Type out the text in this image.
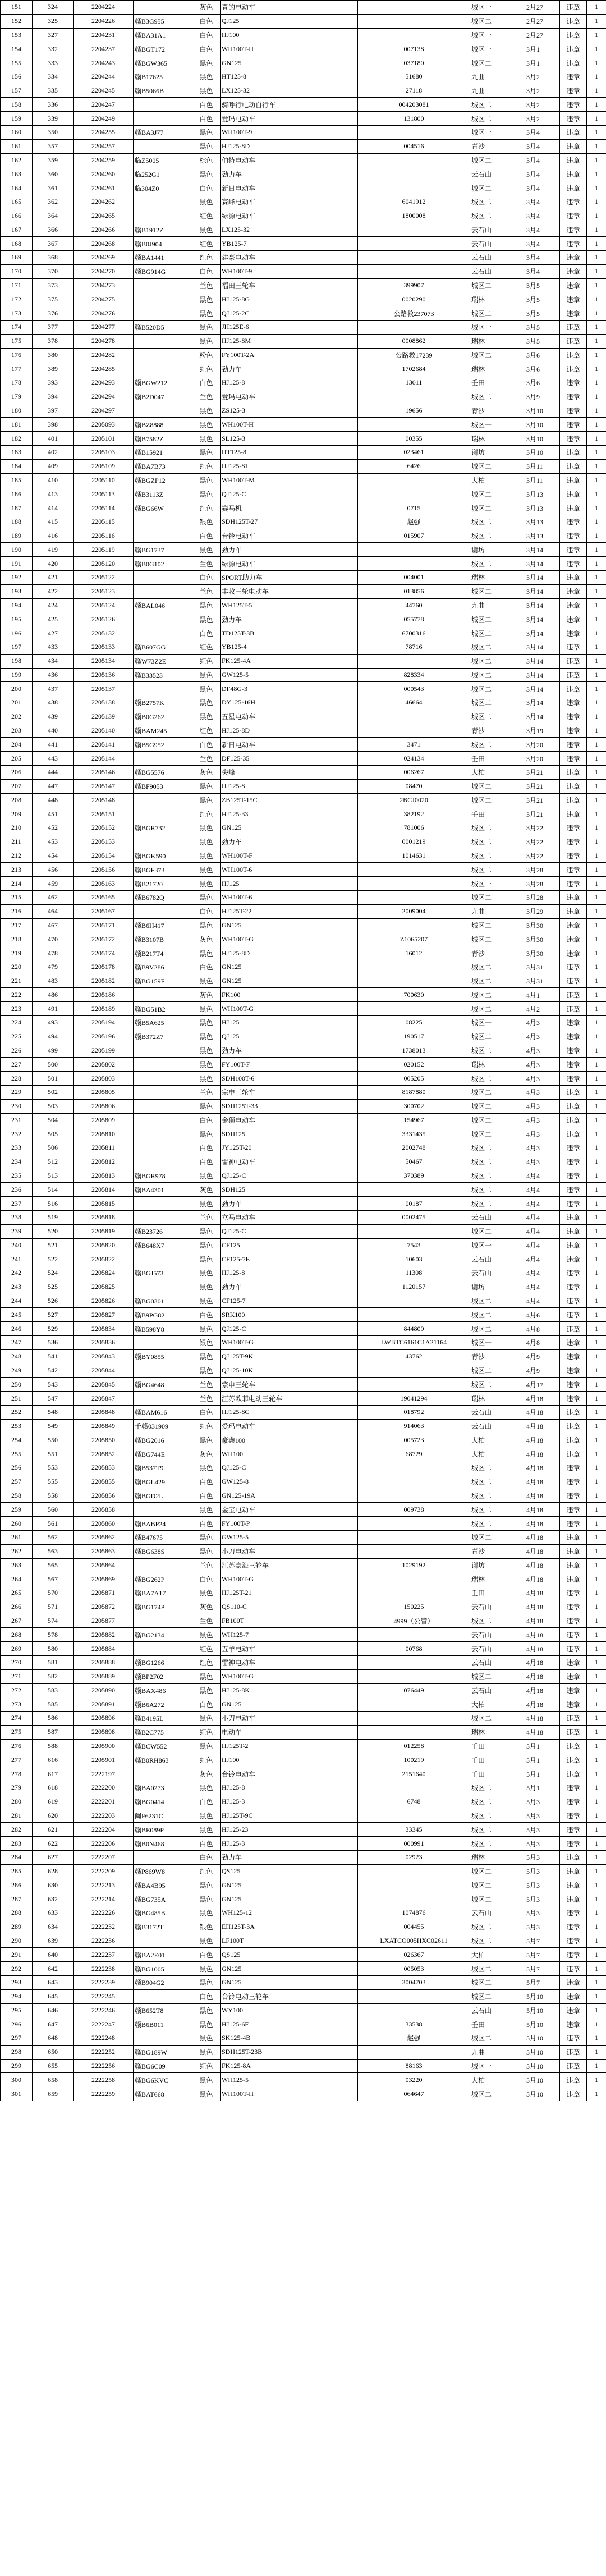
151	324	2204224		灰色	青的电动车		城区一	2月27	违章	1
152	325	2204226	赣B3G955	白色	QJ125		城区二	2月27	违章	1
153	327	2204231	赣BA31A1	白色	HJ100		城区一	2月27	违章	1
154	332	2204237	赣BGT172	白色	WH100T-H	007138	城区一	3月1	违章	1
155	333	2204243	赣BGW365	黑色	GN125	037180	城区二	3月1	违章	1
156	334	2204244	赣B17625	黑色	HT125-8	51680	九曲	3月2	违章	1
157	335	2204245	赣B5066B	黑色	LX125-32	27118	九曲	3月2	违章	1
158	336	2204247		白色	骑呼行电动自行车	004203081	城区二	3月2	违章	1
159	339	2204249		白色	爱玛电动车	131800	城区二	3月2	违章	1
160	350	2204255	赣BA3J77	黑色	WH100T-9		城区一	3月4	违章	1
161	357	2204257		黑色	HJ125-8D	004516	青沙	3月4	违章	1
162	359	2204259	临Z5005	棕色	伯特电动车		城区二	3月4	违章	1
163	360	2204260	临252G1	黑色	劲力车		云石山	3月4	违章	1
164	361	2204261	临304Z0	白色	新日电动车		城区二	3月4	违章	1
165	362	2204262		黑色	赛峰电动车	6041912	城区二	3月4	违章	1
166	364	2204265		红色	绿源电动车	1800008	城区二	3月4	违章	1
167	366	2204266	赣B1912Z	黑色	LX125-32		云石山	3月4	违章	1
168	367	2204268	赣B0J904	红色	YB125-7		云石山	3月4	违章	1
169	368	2204269	赣BA1441	红色	建豪电动车		云石山	3月4	违章	1
170	370	2204270	赣BG914G	白色	WH100T-9		云石山	3月4	违章	1
171	373	2204273		兰色	福田三轮车	399907	城区二	3月5	违章	1
172	375	2204275		黑色	HJ125-8G	0020290	瑞林	3月5	违章	1
173	376	2204276		黑色	QJ125-2C	公路救237073	城区二	3月5	违章	1
174	377	2204277	赣B520D5	黑色	JH125E-6		城区一	3月5	违章	1
175	378	2204278		黑色	HJ125-8M	0008862	瑞林	3月5	违章	1
176	380	2204282		粉色	FY100T-2A	公路救17239	城区二	3月6	违章	1
177	389	2204285		红色	劲力车	1702684	瑞林	3月6	违章	1
178	393	2204293	赣BGW212	白色	HJ125-8	13011	壬田	3月6	违章	1
179	394	2204294	赣B2D047	兰色	爱玛电动车		城区二	3月9	违章	1
180	397	2204297		黑色	ZS125-3	19656	青沙	3月10	违章	1
181	398	2205093	赣BZ8888	黑色	WH100T-H		城区一	3月10	违章	1
182	401	2205101	赣B7582Z	黑色	SL125-3	00355	瑞林	3月10	违章	1
183	402	2205103	赣B15921	黑色	HT125-8	023461	谢坊	3月10	违章	1
184	409	2205109	赣BA7B73	红色	HJ125-8T	6426	城区二	3月11	违章	1
185	410	2205110	赣BGZP12	黑色	WH100T-M		大柏	3月11	违章	1
186	413	2205113	赣B3113Z	黑色	QJ125-C		城区二	3月13	违章	1
187	414	2205114	赣BG66W	红色	赛马机	0715	城区二	3月13	违章	1
188	415	2205115		银色	SDH125T-27	赵强	城区二	3月13	违章	1
189	416	2205116		白色	台铃电动车	015907	城区二	3月13	违章	1
190	419	2205119	赣BG1737	黑色	劲力车		谢坊	3月14	违章	1
191	420	2205120	赣B0G102	兰色	绿源电动车		城区二	3月14	违章	1
192	421	2205122		白色	SPORT助力车	004001	瑞林	3月14	违章	1
193	422	2205123		兰色	丰收三轮电动车	013856	城区二	3月14	违章	1
194	424	2205124	赣BAL046	黑色	WH125T-5	44760	九曲	3月14	违章	1
195	425	2205126		黑色	劲力车	055778	城区二	3月14	违章	1
196	427	2205132		白色	TD125T-3B	6700316	城区二	3月14	违章	1
197	433	2205133	赣B607GG	红色	YB125-4	78716	城区二	3月14	违章	1
198	434	2205134	赣W73Z2E	红色	FK125-4A		城区二	3月14	违章	1
199	436	2205136	赣B33523	黑色	GW125-5	828334	城区二	3月14	违章	1
200	437	2205137		黑色	DF48G-3	000543	城区二	3月14	违章	1
201	438	2205138	赣B2757K	黑色	DY125-16H	46664	城区二	3月14	违章	1
202	439	2205139	赣B0G262	黑色	五星电动车		城区二	3月14	违章	1
203	440	2205140	赣BAM245	红色	HJ125-8D		青沙	3月19	违章	1
204	441	2205141	赣B5G952	白色	新日电动车	3471	城区二	3月20	违章	1
205	443	2205144		兰色	DF125-35	024134	壬田	3月20	违章	1
206	444	2205146	赣BG5576	灰色	尖峰	006267	大柏	3月21	违章	1
207	447	2205147	赣BF9053	黑色	HJ125-8	08470	城区二	3月21	违章	1
208	448	2205148		黑色	ZB125T-15C	2BCJ0020	城区二	3月21	违章	1
209	451	2205151		红色	HJ125-33	382192	壬田	3月21	违章	1
210	452	2205152	赣BGR732	黑色	GN125	781006	城区二	3月22	违章	1
211	453	2205153		黑色	劲力车	0001219	城区二	3月22	违章	1
212	454	2205154	赣BGK590	黑色	WH100T-F	1014631	城区二	3月22	违章	1
213	456	2205156	赣BGF373	黑色	WH100T-6		城区二	3月28	违章	1
214	459	2205163	赣B21720	黑色	HJ125		城区一	3月28	违章	1
215	462	2205165	赣B6782Q	黑色	WH100T-6		城区二	3月28	违章	1
216	464	2205167		白色	HJ125T-22	2009004	九曲	3月29	违章	1
217	467	2205171	赣B6H417	黑色	GN125		城区二	3月30	违章	1
218	470	2205172	赣B3107B	灰色	WH100T-G	Z1065207	城区二	3月30	违章	1
219	478	2205174	赣B217T4	黑色	HJ125-8D	16012	青沙	3月30	违章	1
220	479	2205178	赣B9V286	白色	GN125		城区二	3月31	违章	1
221	483	2205182	赣BG159F	黑色	GN125		城区二	3月31	违章	1
222	486	2205186		灰色	FK100	700630	城区二	4月1	违章	1
223	491	2205189	赣BG51B2	黑色	WH100T-G		城区二	4月2	违章	1
224	493	2205194	赣B5A625	黑色	HJ125	08225	城区一	4月3	违章	1
225	494	2205196	赣B372Z7	黑色	QJ125	190517	城区二	4月3	违章	1
226	499	2205199		黑色	劲力车	1738013	城区二	4月3	违章	1
227	500	2205802		黑色	FY100T-F	020152	瑞林	4月3	违章	1
228	501	2205803		黑色	SDH100T-6	005205	城区二	4月3	违章	1
229	502	2205805		兰色	宗申三轮车	8187880	城区二	4月3	违章	1
230	503	2205806		黑色	SDH125T-33	300702	城区二	4月3	违章	1
231	504	2205809		白色	金狮电动车	154967	城区二	4月3	违章	1
232	505	2205810		黑色	SDH125	3331435	城区二	4月3	违章	1
233	506	2205811		白色	JY125T-20	2002748	城区二	4月3	违章	1
234	512	2205812		白色	雷神电动车	50467	城区二	4月3	违章	1
235	513	2205813	赣BGR978	黑色	QJ125-C	370389	城区二	4月4	违章	1
236	514	2205814	赣BA4301	灰色	SDH125		城区二	4月4	违章	1
237	516	2205815		黑色	劲力车	00187	城区二	4月4	违章	1
238	519	2205818		兰色	立马电动车	0002475	云石山	4月4	违章	1
239	520	2205819	赣B23726	黑色	QJ125-C		城区二	4月4	违章	1
240	521	2205820	赣B648X7	黑色	CF125	7543	城区一	4月4	违章	1
241	522	2205822		黑色	CF125-7E	10603	云石山	4月4	违章	1
242	524	2205824	赣BGJ573	黑色	HJ125-8	11308	云石山	4月4	违章	1
243	525	2205825		黑色	劲力车	1120157	谢坊	4月4	违章	1
244	526	2205826	赣BG0301	黑色	CF125-7		城区二	4月4	违章	1
245	527	2205827	赣B9PG82	白色	SRK100		城区二	4月6	违章	1
246	529	2205834	赣B598Y8	黑色	QJ125-C	844809	城区二	4月8	违章	1
247	536	2205836		银色	WH100T-G	LWBTC6161C1A21164	城区一	4月8	违章	1
248	541	2205843	赣BY0855	黑色	QJ125T-9K	43762	青沙	4月9	违章	1
249	542	2205844		黑色	QJ125-10K		城区二	4月9	违章	1
250	543	2205845	赣BG4648	兰色	宗申三轮车		城区二	4月17	违章	1
251	547	2205847		兰色	江苏欧菲电动三轮车	19041294	瑞林	4月18	违章	1
252	548	2205848	赣BAM616	白色	HJ125-8C	018792	云石山	4月18	违章	1
253	549	2205849	千赣031909	红色	爱玛电动车	914063	云石山	4月18	违章	1
254	550	2205850	赣BG2016	黑色	豪鑫100	005723	大柏	4月18	违章	1
255	551	2205852	赣BG744E	灰色	WH100	68729	大柏	4月18	违章	1
256	553	2205853	赣B537T9	黑色	QJ125-C		城区二	4月18	违章	1
257	555	2205855	赣BGL429	白色	GW125-8		城区二	4月18	违章	1
258	558	2205856	赣BGD2L	白色	GN125-19A		城区二	4月18	违章	1
259	560	2205858		黑色	金宝电动车	009738	城区二	4月18	违章	1
260	561	2205860	赣BABP24	白色	FY100T-P		城区二	4月18	违章	1
261	562	2205862	赣B47675	黑色	GW125-5		城区二	4月18	违章	1
262	563	2205863	赣BG638S	黑色	小刀电动车		青沙	4月18	违章	1
263	565	2205864		兰色	江苏豪海三轮车	1029192	谢坊	4月18	违章	1
264	567	2205869	赣BG262P	白色	WH100T-G		瑞林	4月18	违章	1
265	570	2205871	赣BA7A17	黑色	HJ125T-21		壬田	4月18	违章	1
266	571	2205872	赣BG174P	灰色	QS110-C	150225	云石山	4月18	违章	1
267	574	2205877		兰色	FB100T	4999（公管）	城区二	4月18	违章	1
268	578	2205882	赣BG2134	黑色	WH125-7		云石山	4月18	违章	1
269	580	2205884		红色	五羊电动车	00768	云石山	4月18	违章	1
270	581	2205888	赣BG1266	红色	雷神电动车		云石山	4月18	违章	1
271	582	2205889	赣BP2F02	黑色	WH100T-G		城区二	4月18	违章	1
272	583	2205890	赣BAX486	黑色	HJ125-8K	076449	云石山	4月18	违章	1
273	585	2205891	赣B6A272	白色	GN125		大柏	4月18	违章	1
274	586	2205896	赣B4195L	黑色	小刀电动车		城区二	4月18	违章	1
275	587	2205898	赣B2C775	红色	电动车		瑞林	4月18	违章	1
276	588	2205900	赣BCW552	黑色	HJ125T-2	012258	壬田	5月1	违章	1
277	616	2205901	赣B0RH863	红色	HJ100	100219	壬田	5月1	违章	1
278	617	2222197		灰色	台铃电动车	2151640	壬田	5月1	违章	1
279	618	2222200	赣BA0273	黑色	HJ125-8		城区二	5月1	违章	1
280	619	2222201	赣BG0414	白色	HJ125-3	6748	城区二	5月3	违章	1
281	620	2222203	闽F6231C	黑色	HJ125T-9C		城区二	5月3	违章	1
282	621	2222204	赣BE089P	黑色	HJ125-23	33345	城区二	5月3	违章	1
283	622	2222206	赣B0N468	白色	HJ125-3	000991	城区二	5月3	违章	1
284	627	2222207		白色	劲力车	02923	瑞林	5月3	违章	1
285	628	2222209	赣P869W8	红色	QS125		城区二	5月3	违章	1
286	630	2222213	赣BA4B95	黑色	GN125		城区二	5月3	违章	1
287	632	2222214	赣BG735A	黑色	GN125		城区二	5月3	违章	1
288	633	2222226	赣BG485B	黑色	WH125-12	1074876	云石山	5月3	违章	1
289	634	2222232	赣B3172T	银色	EH125T-3A	004455	城区二	5月3	违章	1
290	639	2222236		黑色	LF100T	LXATCO005HXC02611	城区二	5月7	违章	1
291	640	2222237	赣BA2E01	白色	QS125	026367	大柏	5月7	违章	1
292	642	2222238	赣BG1005	黑色	GN125	005053	城区二	5月7	违章	1
293	643	2222239	赣B904G2	黑色	GN125	3004703	城区二	5月7	违章	1
294	645	2222245		白色	台铃电动三轮车		城区二	5月10	违章	1
295	646	2222246	赣B652T8	黑色	WY100		云石山	5月10	违章	1
296	647	2222247	赣B6B011	黑色	HJ125-6F	33538	壬田	5月10	违章	1
297	648	2222248		黑色	SK125-4B	赵强	城区二	5月10	违章	1
298	650	2222252	赣BG189W	黑色	SDH125T-23B		九曲	5月10	违章	1
299	655	2222256	赣BG6C09	红色	FK125-8A	88163	城区一	5月10	违章	1
300	658	2222258	赣BG6KVC	黑色	WH125-5	03220	大柏	5月10	违章	1
301	659	2222259	赣BAT668	黑色	WH100T-H	064647	城区二	5月10	违章	1
